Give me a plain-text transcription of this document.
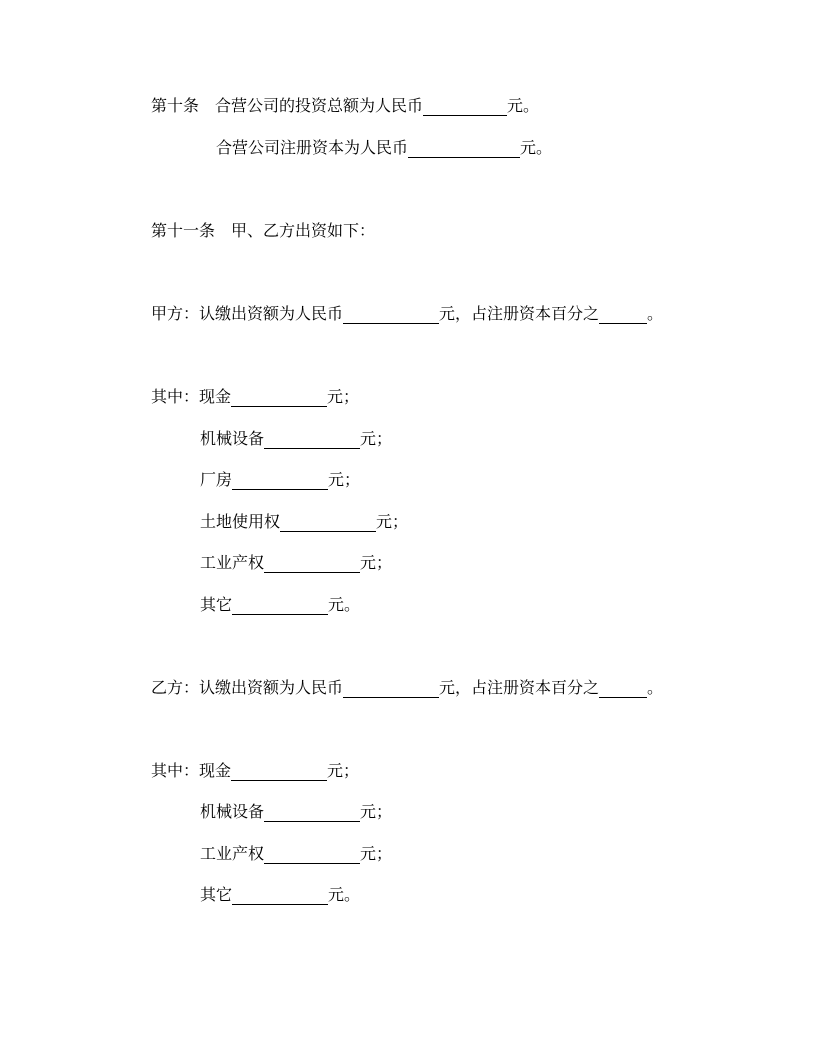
第十条 合营公司的投资总额为人民币	元。
合营公司注册资本为人民币	元。
第十一条 甲、乙方出资如下：
甲方：认缴出资额为人民币	元，占注册资本百分之	。
其中：现金	元；
机械设备	元；
厂房	元；
土地使用权	元；
工业产权	元；
其它	元。
乙方：认缴出资额为人民币	元，占注册资本百分之	。
其中：现金	元；
机械设备	元；
工业产权	元；
其它	元。
